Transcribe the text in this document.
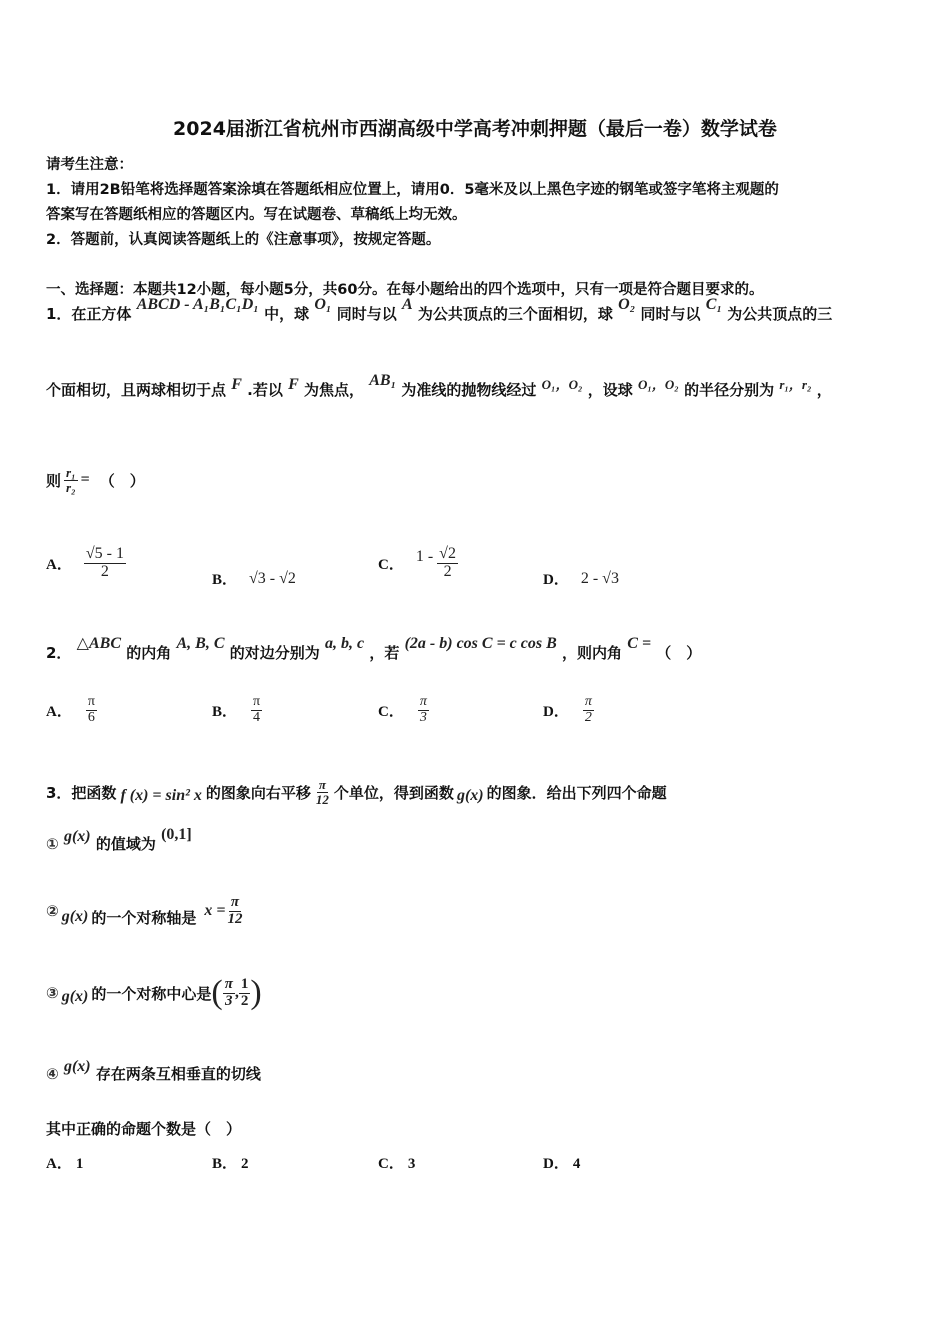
2024届浙江省杭州市西湖高级中学高考冲刺押题（最后一卷）数学试卷
请考生注意：
1．请用2B铅笔将选择题答案涂填在答题纸相应位置上，请用0．5毫米及以上黑色字迹的钢笔或签字笔将主观题的
答案写在答题纸相应的答题区内。写在试题卷、草稿纸上均无效。
2．答题前，认真阅读答题纸上的《注意事项》，按规定答题。
一、选择题：本题共12小题，每小题5分，共60分。在每小题给出的四个选项中，只有一项是符合题目要求的。
1．在正方体 ABCD - A₁B₁C₁D₁ 中，球 O₁ 同时与以 A 为公共顶点的三个面相切，球 O₂ 同时与以 C₁ 为公共顶点的三
个面相切，且两球相切于点 F .若以 F 为焦点， AB₁ 为准线的抛物线经过 O₁，O₂ ，设球 O₁，O₂ 的半径分别为 r₁，r₂ ，
则 $\frac{\text{r₁}}{\text{r₂}}$ = （　）
A． $\frac{√5 - 1}{2}$	B． √3 - √2
C． $1 - \frac{√2}{2}$	D． 2 - √3
2． △ABC 的内角 A, B, C 的对边分别为 a, b, c ，若 (2a - b) cos C = c cos B ，则内角 C = （　）
A． $\frac{\pi}{6}$	B． $\frac{\pi}{4}$	C． $\frac{\pi}{3}$	D． $\frac{\pi}{2}$
3．把函数 f (x) = sin² x 的图象向右平移 $\frac{\pi}{12}$ 个单位，得到函数 g(x) 的图象．给出下列四个命题
① g(x) 的值域为 (0,1]
② g(x) 的一个对称轴是 $x = \frac{\pi}{12}$
③ g(x) 的一个对称中心是 ( $\frac{\pi}{3}$ , $\frac{1}{2}$ )
④ g(x) 存在两条互相垂直的切线
其中正确的命题个数是（　）
A． 1	B． 2	C． 3	D． 4
